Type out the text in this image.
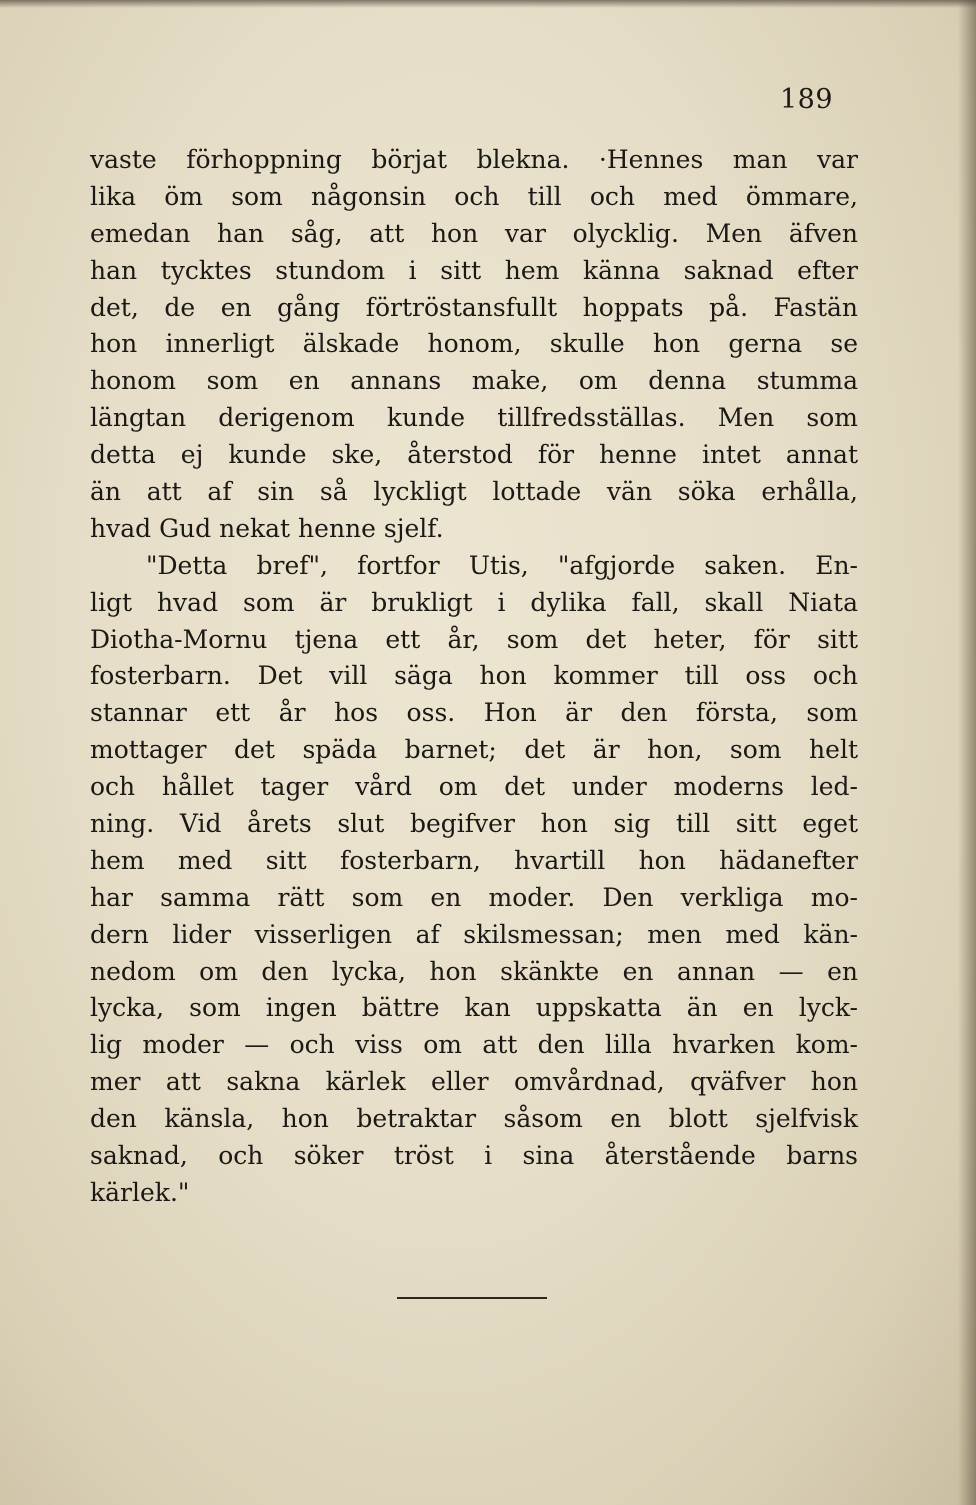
189
vaste förhoppning börjat blekna. ·Hennes man var
lika öm som någonsin och till och med ömmare,
emedan han såg, att hon var olycklig. Men äfven
han tycktes stundom i sitt hem känna saknad efter
det, de en gång förtröstansfullt hoppats på. Fastän
hon innerligt älskade honom, skulle hon gerna se
honom som en annans make, om denna stumma
längtan derigenom kunde tillfredsställas. Men som
detta ej kunde ske, återstod för henne intet annat
än att af sin så lyckligt lottade vän söka erhålla,
hvad Gud nekat henne sjelf.
"Detta bref", fortfor Utis, "afgjorde saken. En-
ligt hvad som är brukligt i dylika fall, skall Niata
Diotha-Mornu tjena ett år, som det heter, för sitt
fosterbarn. Det vill säga hon kommer till oss och
stannar ett år hos oss. Hon är den första, som
mottager det späda barnet; det är hon, som helt
och hållet tager vård om det under moderns led-
ning. Vid årets slut begifver hon sig till sitt eget
hem med sitt fosterbarn, hvartill hon hädanefter
har samma rätt som en moder. Den verkliga mo-
dern lider visserligen af skilsmessan; men med kän-
nedom om den lycka, hon skänkte en annan — en
lycka, som ingen bättre kan uppskatta än en lyck-
lig moder — och viss om att den lilla hvarken kom-
mer att sakna kärlek eller omvårdnad, qväfver hon
den känsla, hon betraktar såsom en blott sjelfvisk
saknad, och söker tröst i sina återstående barns
kärlek."
